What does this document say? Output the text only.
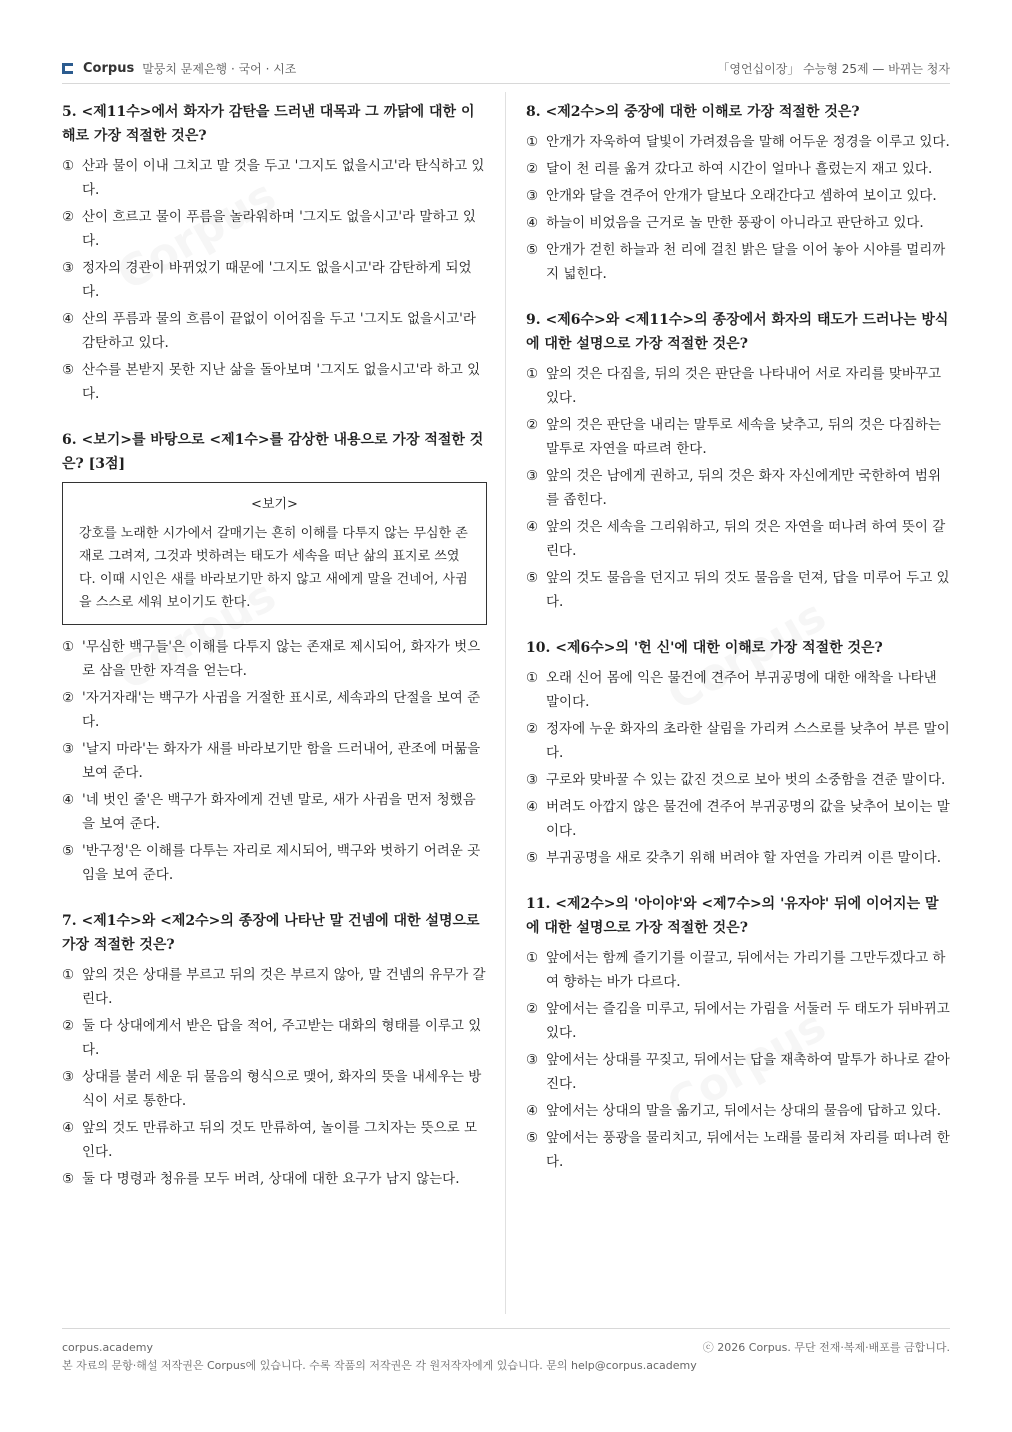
Corpus 말뭉치 문제은행 · 국어 · 시조	「영언십이장」 수능형 25제 — 바뀌는 청자
5. <제11수>에서 화자가 감탄을 드러낸 대목과 그 까닭에 대한 이해로 가장 적절한 것은?
① 산과 물이 이내 그치고 말 것을 두고 '그지도 없을시고'라 탄식하고 있다.
② 산이 흐르고 물이 푸름을 놀라워하며 '그지도 없을시고'라 말하고 있다.
③ 정자의 경관이 바뀌었기 때문에 '그지도 없을시고'라 감탄하게 되었다.
④ 산의 푸름과 물의 흐름이 끝없이 이어짐을 두고 '그지도 없을시고'라 감탄하고 있다.
⑤ 산수를 본받지 못한 지난 삶을 돌아보며 '그지도 없을시고'라 하고 있다.
6. <보기>를 바탕으로 <제1수>를 감상한 내용으로 가장 적절한 것은? [3점]
<보기>
강호를 노래한 시가에서 갈매기는 흔히 이해를 다투지 않는 무심한 존재로 그려져, 그것과 벗하려는 태도가 세속을 떠난 삶의 표지로 쓰였다. 이때 시인은 새를 바라보기만 하지 않고 새에게 말을 건네어, 사귐을 스스로 세워 보이기도 한다.
① '무심한 백구들'은 이해를 다투지 않는 존재로 제시되어, 화자가 벗으로 삼을 만한 자격을 얻는다.
② '자거자래'는 백구가 사귐을 거절한 표시로, 세속과의 단절을 보여 준다.
③ '날지 마라'는 화자가 새를 바라보기만 함을 드러내어, 관조에 머묾을 보여 준다.
④ '네 벗인 줄'은 백구가 화자에게 건넨 말로, 새가 사귐을 먼저 청했음을 보여 준다.
⑤ '반구정'은 이해를 다투는 자리로 제시되어, 백구와 벗하기 어려운 곳임을 보여 준다.
7. <제1수>와 <제2수>의 종장에 나타난 말 건넴에 대한 설명으로 가장 적절한 것은?
① 앞의 것은 상대를 부르고 뒤의 것은 부르지 않아, 말 건넴의 유무가 갈린다.
② 둘 다 상대에게서 받은 답을 적어, 주고받는 대화의 형태를 이루고 있다.
③ 상대를 불러 세운 뒤 물음의 형식으로 맺어, 화자의 뜻을 내세우는 방식이 서로 통한다.
④ 앞의 것도 만류하고 뒤의 것도 만류하여, 놀이를 그치자는 뜻으로 모인다.
⑤ 둘 다 명령과 청유를 모두 버려, 상대에 대한 요구가 남지 않는다.
8. <제2수>의 중장에 대한 이해로 가장 적절한 것은?
① 안개가 자욱하여 달빛이 가려졌음을 말해 어두운 정경을 이루고 있다.
② 달이 천 리를 옮겨 갔다고 하여 시간이 얼마나 흘렀는지 재고 있다.
③ 안개와 달을 견주어 안개가 달보다 오래간다고 셈하여 보이고 있다.
④ 하늘이 비었음을 근거로 놀 만한 풍광이 아니라고 판단하고 있다.
⑤ 안개가 걷힌 하늘과 천 리에 걸친 밝은 달을 이어 놓아 시야를 멀리까지 넓힌다.
9. <제6수>와 <제11수>의 종장에서 화자의 태도가 드러나는 방식에 대한 설명으로 가장 적절한 것은?
① 앞의 것은 다짐을, 뒤의 것은 판단을 나타내어 서로 자리를 맞바꾸고 있다.
② 앞의 것은 판단을 내리는 말투로 세속을 낮추고, 뒤의 것은 다짐하는 말투로 자연을 따르려 한다.
③ 앞의 것은 남에게 권하고, 뒤의 것은 화자 자신에게만 국한하여 범위를 좁힌다.
④ 앞의 것은 세속을 그리워하고, 뒤의 것은 자연을 떠나려 하여 뜻이 갈린다.
⑤ 앞의 것도 물음을 던지고 뒤의 것도 물음을 던져, 답을 미루어 두고 있다.
10. <제6수>의 '헌 신'에 대한 이해로 가장 적절한 것은?
① 오래 신어 몸에 익은 물건에 견주어 부귀공명에 대한 애착을 나타낸 말이다.
② 정자에 누운 화자의 초라한 살림을 가리켜 스스로를 낮추어 부른 말이다.
③ 구로와 맞바꿀 수 있는 값진 것으로 보아 벗의 소중함을 견준 말이다.
④ 버려도 아깝지 않은 물건에 견주어 부귀공명의 값을 낮추어 보이는 말이다.
⑤ 부귀공명을 새로 갖추기 위해 버려야 할 자연을 가리켜 이른 말이다.
11. <제2수>의 '아이야'와 <제7수>의 '유자야' 뒤에 이어지는 말에 대한 설명으로 가장 적절한 것은?
① 앞에서는 함께 즐기기를 이끌고, 뒤에서는 가리기를 그만두겠다고 하여 향하는 바가 다르다.
② 앞에서는 즐김을 미루고, 뒤에서는 가림을 서둘러 두 태도가 뒤바뀌고 있다.
③ 앞에서는 상대를 꾸짖고, 뒤에서는 답을 재촉하여 말투가 하나로 같아진다.
④ 앞에서는 상대의 말을 옮기고, 뒤에서는 상대의 물음에 답하고 있다.
⑤ 앞에서는 풍광을 물리치고, 뒤에서는 노래를 물리쳐 자리를 떠나려 한다.
corpus.academy	ⓒ 2026 Corpus. 무단 전재·복제·배포를 금합니다.
본 자료의 문항·해설 저작권은 Corpus에 있습니다. 수록 작품의 저작권은 각 원저작자에게 있습니다. 문의 help@corpus.academy
